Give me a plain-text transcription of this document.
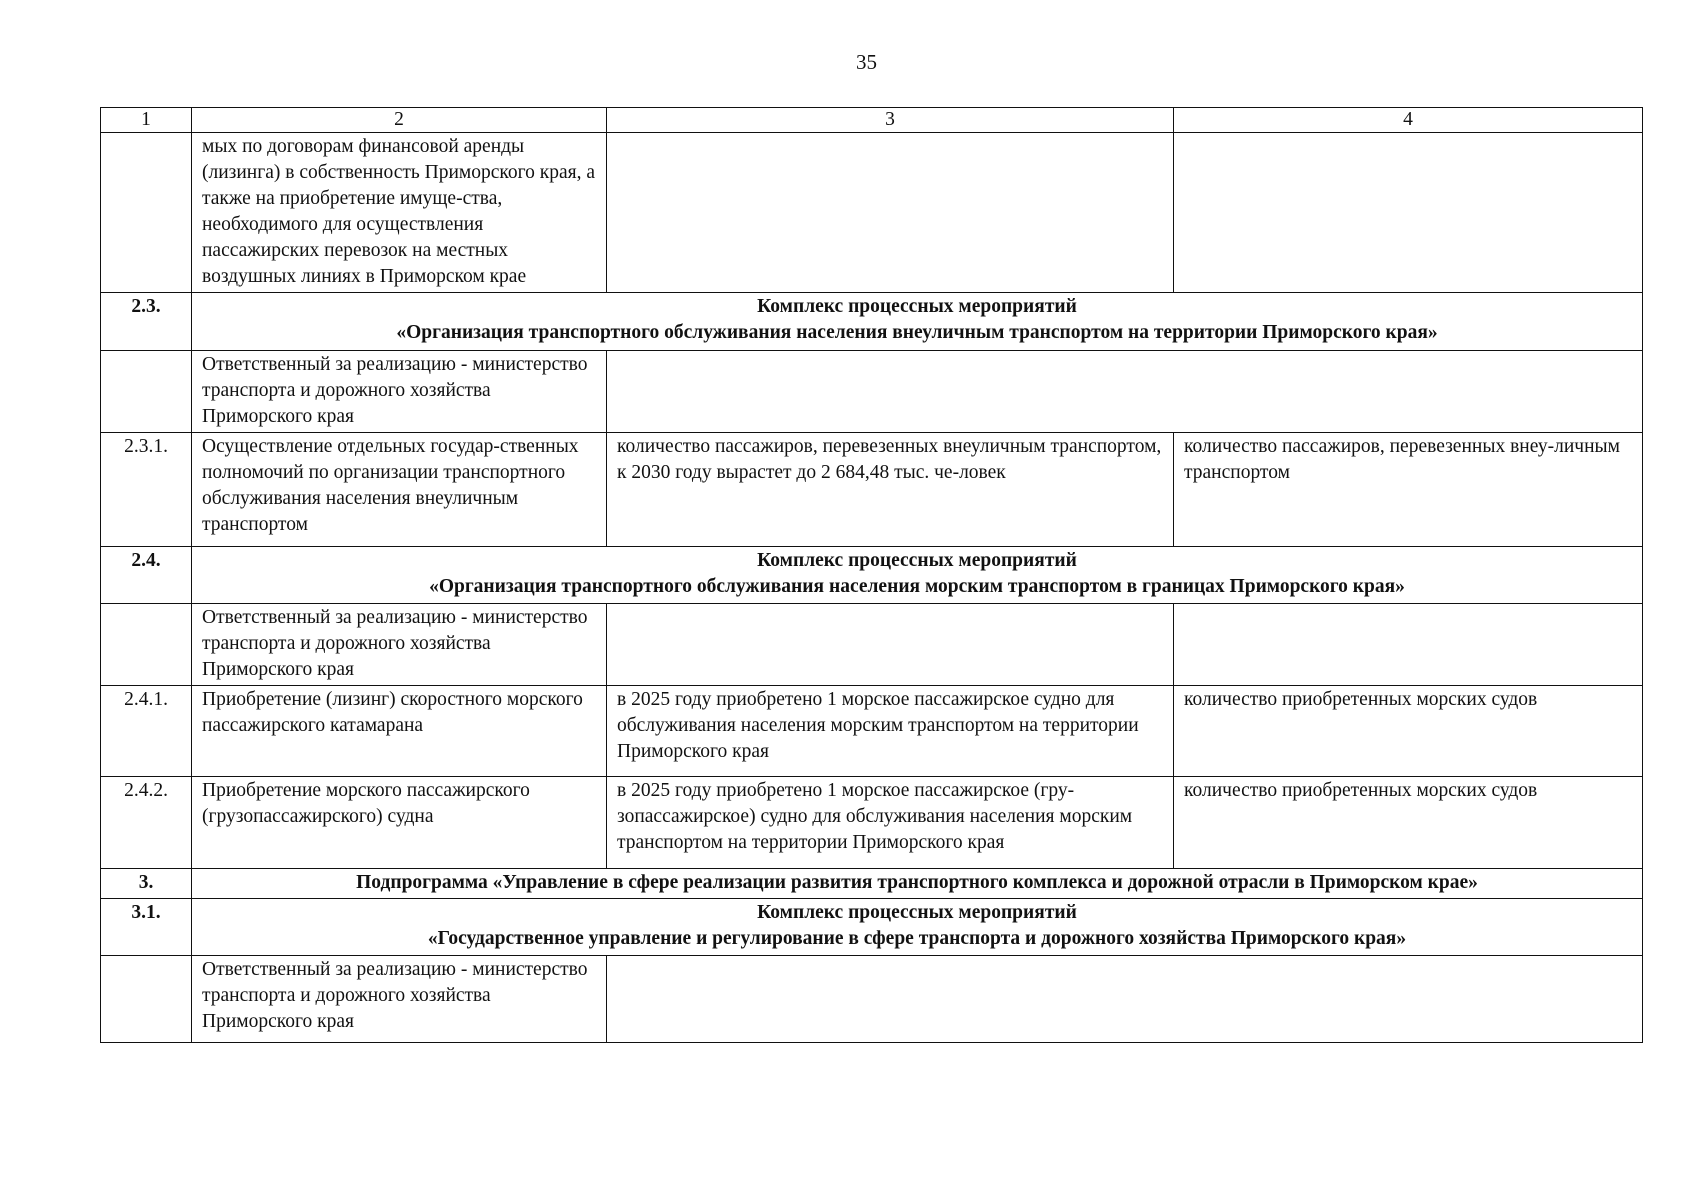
35
1	2	3	4
	мых по договорам финансовой аренды (лизинга) в собственность Приморского края, а также на приобретение имуще-ства, необходимого для осуществления пассажирских перевозок на местных воздушных линиях в Приморском крае		
2.3.	Комплекс процессных мероприятий
«Организация транспортного обслуживания населения внеуличным транспортом на территории Приморского края»		

	Ответственный за реализацию - министерство транспорта и дорожного хозяйства Приморского края		
2.3.1.	Осуществление отдельных государ-ственных полномочий по организации транспортного обслуживания населения внеуличным транспортом	количество пассажиров, перевезенных внеуличным транспортом, к 2030 году вырастет до 2 684,48 тыс. че-ловек	количество пассажиров, перевезенных внеу-личным транспортом
2.4.	Комплекс процессных мероприятий
«Организация транспортного обслуживания населения морским транспортом в границах Приморского края»		

	Ответственный за реализацию - министерство транспорта и дорожного хозяйства Приморского края		
2.4.1.	Приобретение (лизинг) скоростного морского пассажирского катамарана	в 2025 году приобретено 1 морское пассажирское судно для обслуживания населения морским транспортом на территории Приморского края	количество приобретенных морских судов
2.4.2.	Приобретение морского пассажирского (грузопассажирского) судна	в 2025 году приобретено 1 морское пассажирское (гру-зопассажирское) судно для обслуживания населения морским транспортом на территории Приморского края	количество приобретенных морских судов
3.	Подпрограмма «Управление в сфере реализации развития транспортного комплекса и дорожной отрасли в Приморском крае»		
3.1.	Комплекс процессных мероприятий
«Государственное управление и регулирование в сфере транспорта и дорожного хозяйства Приморского края»		

	Ответственный за реализацию - министерство транспорта и дорожного хозяйства Приморского края		
